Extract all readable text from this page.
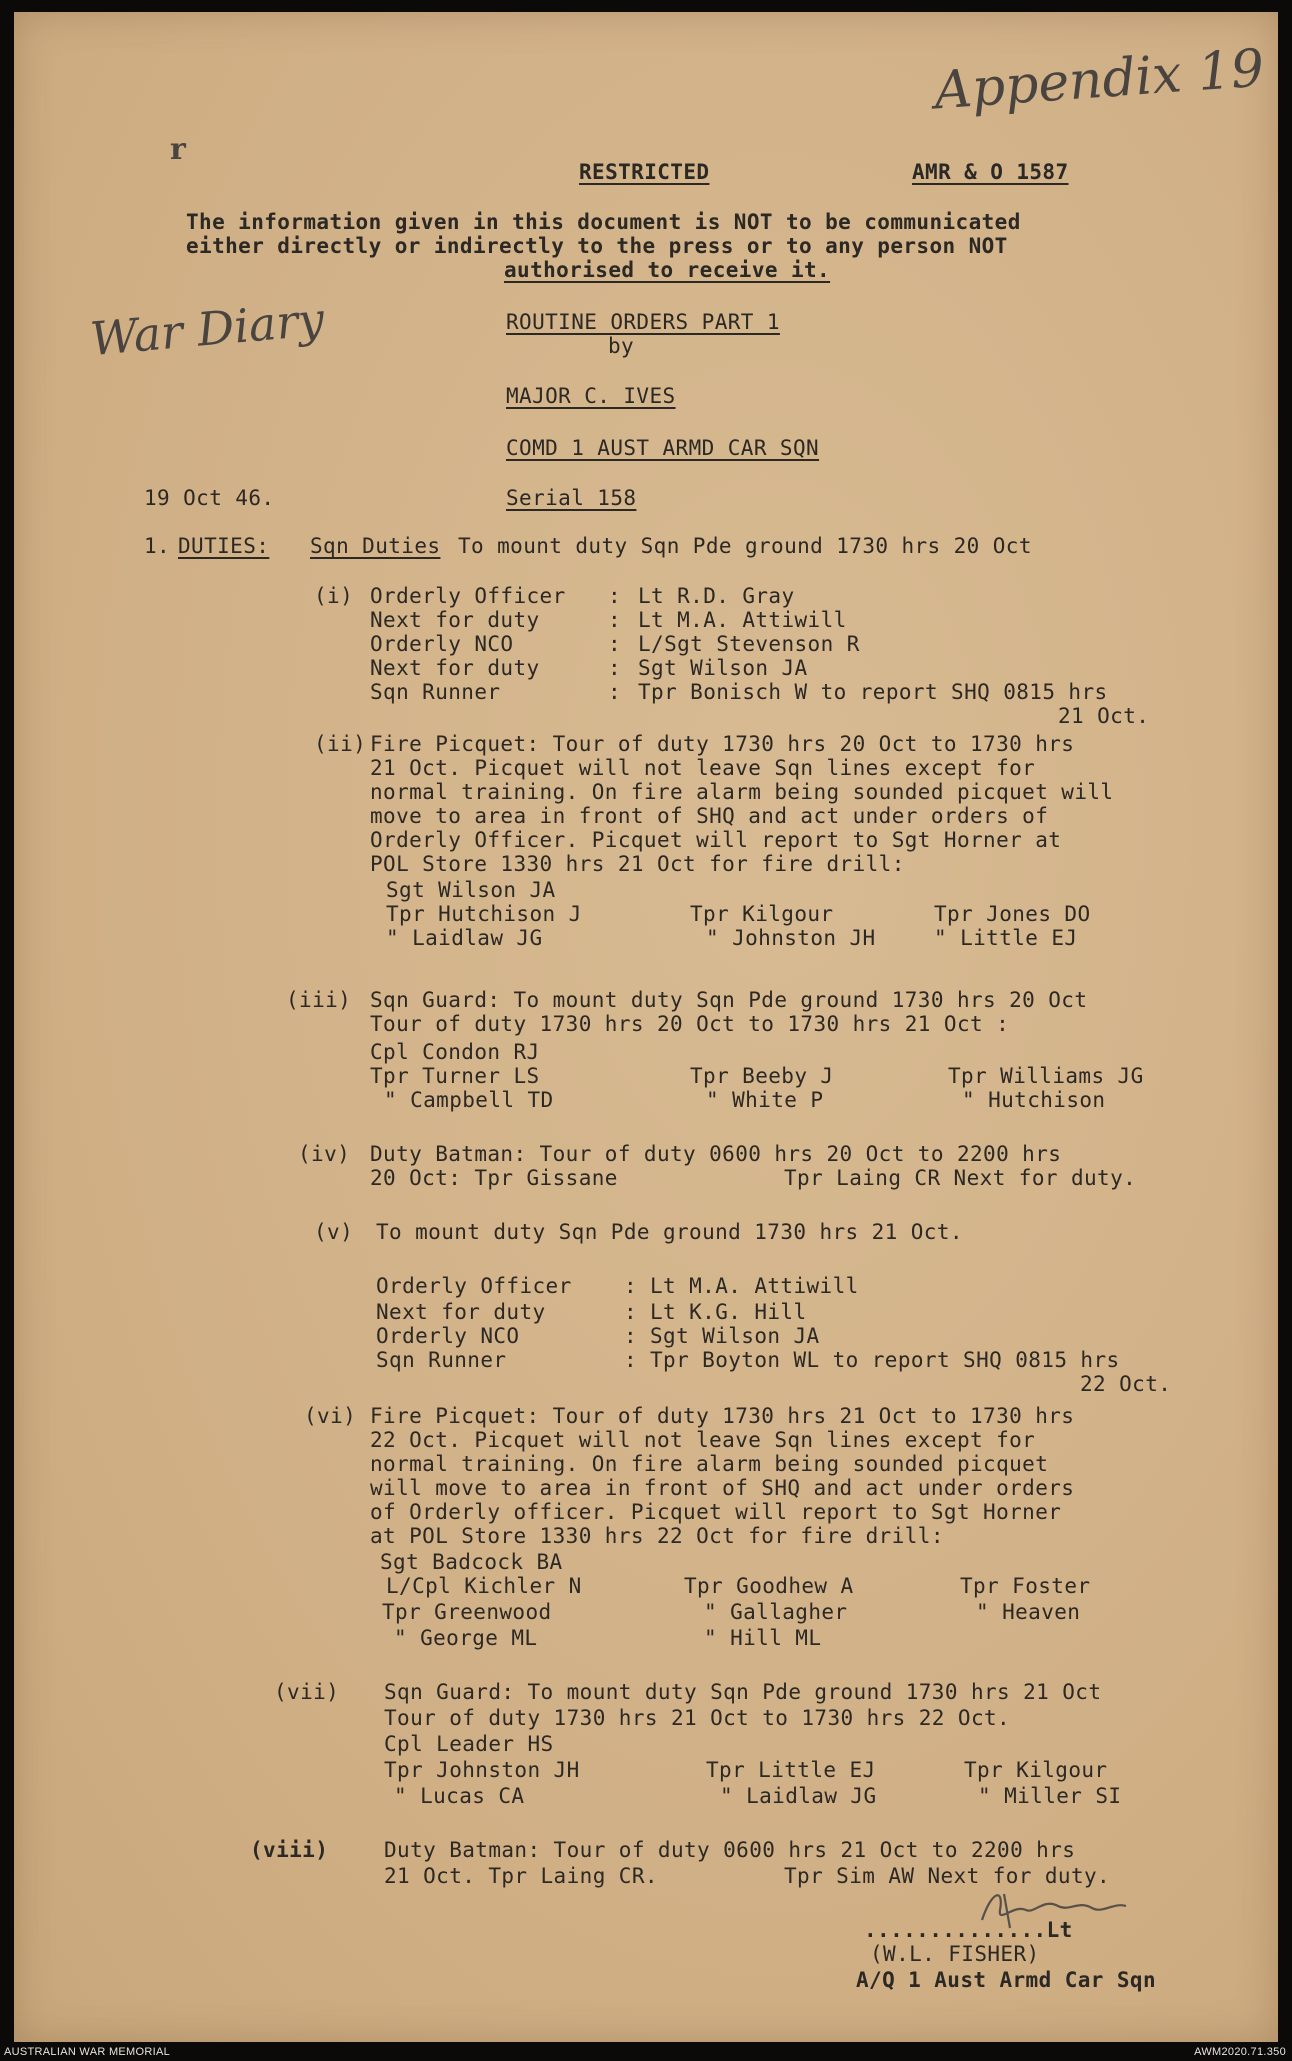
Appendix 19
War Diary
r
RESTRICTED	AMR & O 1587
The information given in this document is NOT to be communicated
either directly or indirectly to the press or to any person NOT
authorised to receive it.
ROUTINE ORDERS PART 1
by
MAJOR C. IVES
COMD 1 AUST ARMD CAR SQN
19 Oct 46.	Serial 158
1. DUTIES: Sqn Duties To mount duty Sqn Pde ground 1730 hrs 20 Oct
(i) Orderly Officer : Lt R.D. Gray
Next for duty	: Lt M.A. Attiwill
Orderly NCO	: L/Sgt Stevenson R
Next for duty	: Sgt Wilson JA
Sqn Runner	: Tpr Bonisch W to report SHQ 0815 hrs
21 Oct.
(ii) Fire Picquet: Tour of duty 1730 hrs 20 Oct to 1730 hrs
21 Oct. Picquet will not leave Sqn lines except for
normal training. On fire alarm being sounded picquet will
move to area in front of SHQ and act under orders of
Orderly Officer. Picquet will report to Sgt Horner at
POL Store 1330 hrs 21 Oct for fire drill:
Sgt Wilson JA
Tpr Hutchison J	Tpr Kilgour	Tpr Jones DO
" Laidlaw JG	" Johnston JH	" Little EJ
(iii) Sqn Guard: To mount duty Sqn Pde ground 1730 hrs 20 Oct
Tour of duty 1730 hrs 20 Oct to 1730 hrs 21 Oct :
Cpl Condon RJ
Tpr Turner LS	Tpr Beeby J	Tpr Williams JG
" Campbell TD	" White P	" Hutchison
(iv) Duty Batman: Tour of duty 0600 hrs 20 Oct to 2200 hrs
20 Oct: Tpr Gissane	Tpr Laing CR Next for duty.
(v) To mount duty Sqn Pde ground 1730 hrs 21 Oct.
Orderly Officer : Lt M.A. Attiwill
Next for duty	: Lt K.G. Hill
Orderly NCO	: Sgt Wilson JA
Sqn Runner	: Tpr Boyton WL to report SHQ 0815 hrs
22 Oct.
(vi) Fire Picquet: Tour of duty 1730 hrs 21 Oct to 1730 hrs
22 Oct. Picquet will not leave Sqn lines except for
normal training. On fire alarm being sounded picquet
will move to area in front of SHQ and act under orders
of Orderly officer. Picquet will report to Sgt Horner
at POL Store 1330 hrs 22 Oct for fire drill:
Sgt Badcock BA
L/Cpl Kichler N	Tpr Goodhew A	Tpr Foster
Tpr Greenwood	" Gallagher	" Heaven
" George ML	" Hill ML
(vii) Sqn Guard: To mount duty Sqn Pde ground 1730 hrs 21 Oct
Tour of duty 1730 hrs 21 Oct to 1730 hrs 22 Oct.
Cpl Leader HS
Tpr Johnston JH	Tpr Little EJ	Tpr Kilgour
" Lucas CA	" Laidlaw JG	" Miller SI
(viii)	Duty Batman: Tour of duty 0600 hrs 21 Oct to 2200 hrs
21 Oct. Tpr Laing CR.	Tpr Sim AW Next for duty.
..............Lt
(W.L. FISHER)
A/Q 1 Aust Armd Car Sqn
AUSTRALIAN WAR MEMORIAL	AWM2020.71.350
